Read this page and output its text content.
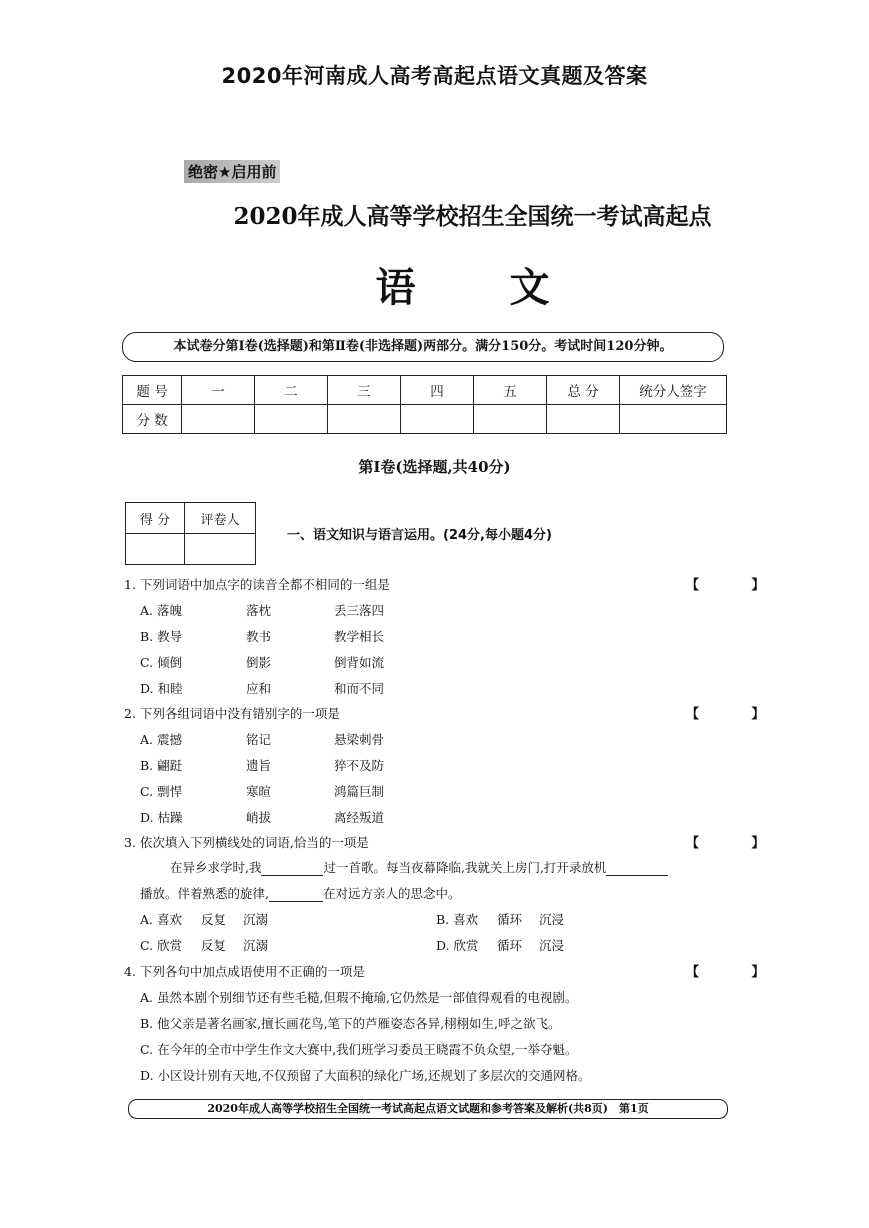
2020年河南成人高考高起点语文真题及答案
绝密★启用前
2020年成人高等学校招生全国统一考试高起点
语 文
本试卷分第Ⅰ卷(选择题)和第Ⅱ卷(非选择题)两部分。满分150分。考试时间120分钟。
题 号	一	二	三	四	五	总 分	统分人签字
分 数							
第Ⅰ卷(选择题,共40分)
得 分	评卷人

一、语文知识与语言运用。(24分,每小题4分)
1. 下列词语中加点字的读音全都不相同的一组是	【 】
A. 落魄	落枕	丢三落四
B. 教导	教书	教学相长
C. 倾倒	倒影	倒背如流
D. 和睦	应和	和而不同
2. 下列各组词语中没有错别字的一项是	【 】
A. 震撼	铭记	悬梁刺骨
B. 翩跹	遗旨	猝不及防
C. 剽悍	寒暄	鸿篇巨制
D. 枯躁	峭拔	离经叛道
3. 依次填入下列横线处的词语,恰当的一项是	【 】
在异乡求学时,我	过一首歌。每当夜幕降临,我就关上房门,打开录放机
播放。伴着熟悉的旋律,	在对远方亲人的思念中。
A. 喜欢 反复 沉溺	B. 喜欢 循环 沉浸
C. 欣赏 反复 沉溺	D. 欣赏 循环 沉浸
4. 下列各句中加点成语使用不正确的一项是	【 】
A. 虽然本剧个别细节还有些毛糙,但瑕不掩瑜,它仍然是一部值得观看的电视剧。
B. 他父亲是著名画家,擅长画花鸟,笔下的芦雁姿态各异,栩栩如生,呼之欲飞。
C. 在今年的全市中学生作文大赛中,我们班学习委员王晓霞不负众望,一举夺魁。
D. 小区设计别有天地,不仅预留了大面积的绿化广场,还规划了多层次的交通网格。
2020年成人高等学校招生全国统一考试高起点语文试题和参考答案及解析(共8页)　第1页
